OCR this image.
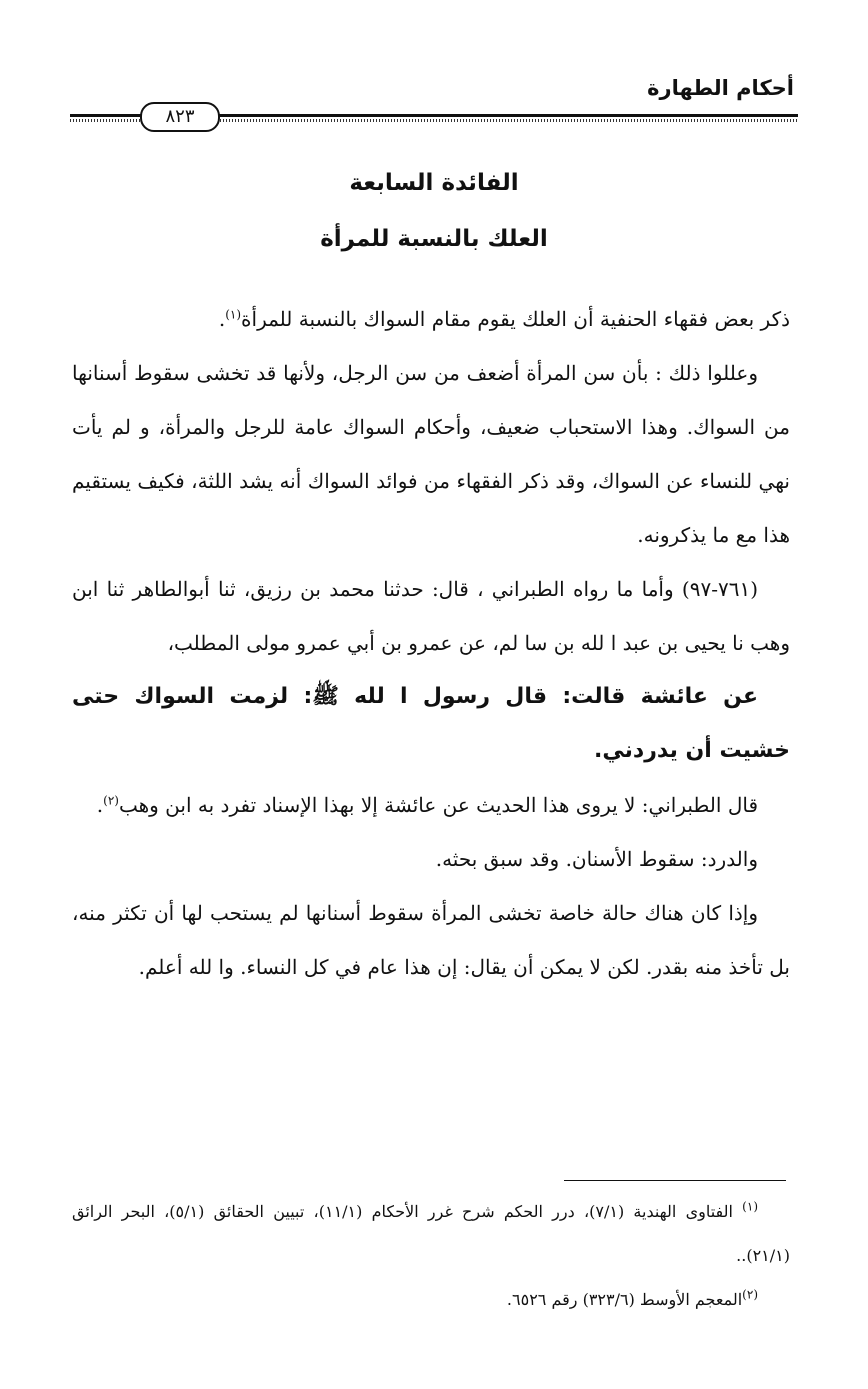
أحكام الطهارة
٨٢٣
الفائدة السابعة
العلك بالنسبة للمرأة

ذكر بعض فقهاء الحنفية أن العلك يقوم مقام السواك بالنسبة للمرأة$^{(١)}$.

وعللوا ذلك : بأن سن المرأة أضعف من سن الرجل، ولأنها قد تخشى سقوط أسنانها من السواك. وهذا الاستحباب ضعيف، وأحكام السواك عامة للرجل والمرأة، و لم يأت نهي للنساء عن السواك، وقد ذكر الفقهاء من فوائد السواك أنه يشد اللثة، فكيف يستقيم هذا مع ما يذكرونه.

(٧٦١-٩٧) وأما ما رواه الطبراني ، قال: حدثنا محمد بن رزيق، ثنا أبوالطاهر ثنا ابن وهب نا يحيى بن عبد ا لله بن سا لم، عن عمرو بن أبي عمرو مولى المطلب،

عن عائشة قالت: قال رسول ا لله ﷺ: لزمت السواك حتى خشيت أن يدردني.

قال الطبراني: لا يروى هذا الحديث عن عائشة إلا بهذا الإسناد تفرد به ابن وهب$^{(٢)}$.

والدرد: سقوط الأسنان. وقد سبق بحثه.

وإذا كان هناك حالة خاصة تخشى المرأة سقوط أسنانها لم يستحب لها أن تكثر منه، بل تأخذ منه بقدر. لكن لا يمكن أن يقال: إن هذا عام في كل النساء. وا لله أعلم.

$^{(١)}$ الفتاوى الهندية (٧/١)، درر الحكم شرح غرر الأحكام (١١/١)، تبيين الحقائق (٥/١)، البحر الرائق (٢١/١)..

$^{(٢)}$المعجم الأوسط (٣٢٣/٦) رقم ٦٥٢٦.
